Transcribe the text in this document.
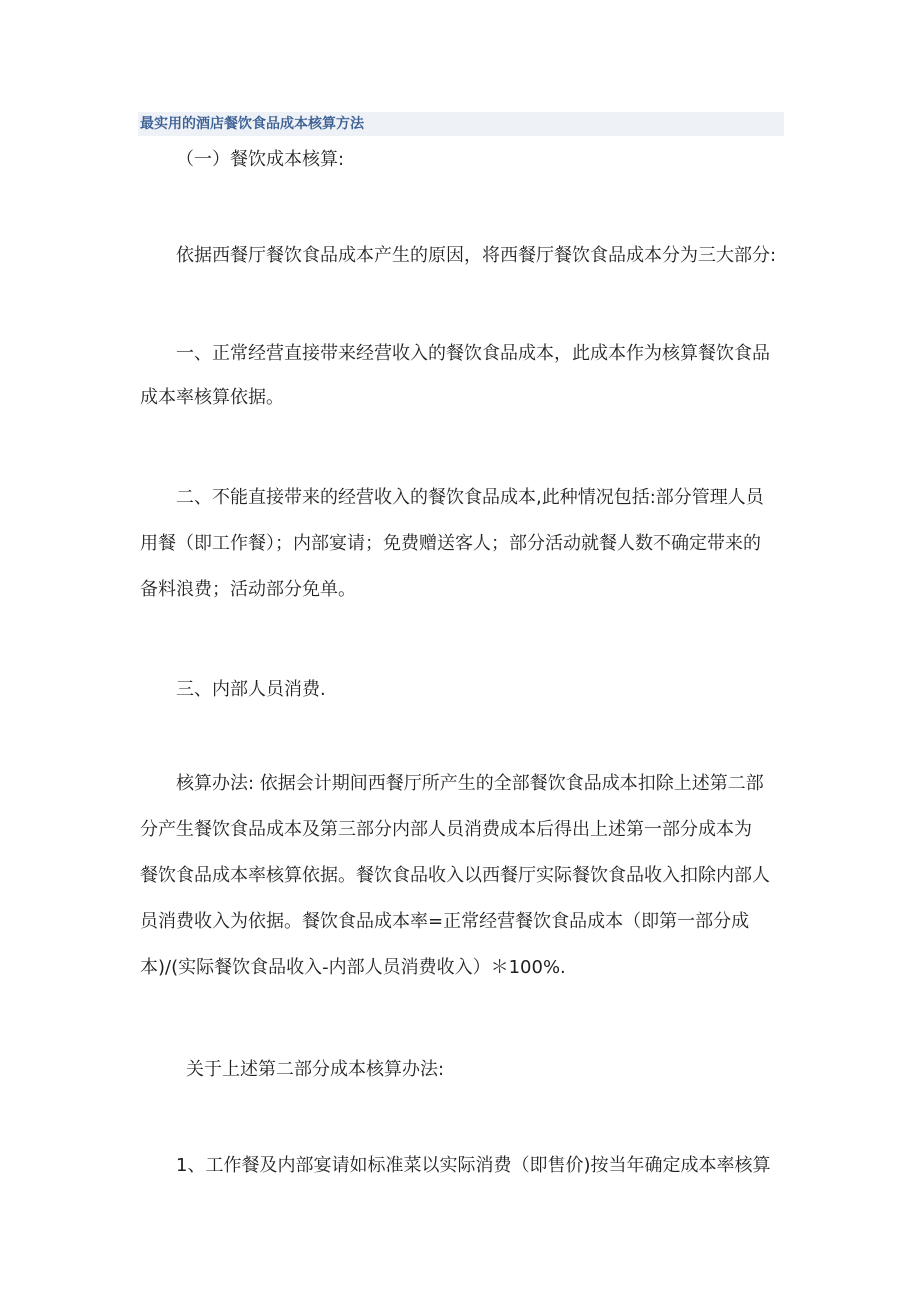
最实用的酒店餐饮食品成本核算方法
（一）餐饮成本核算:
依据西餐厅餐饮食品成本产生的原因，将西餐厅餐饮食品成本分为三大部分:
一、正常经营直接带来经营收入的餐饮食品成本，此成本作为核算餐饮食品
成本率核算依据。
二、不能直接带来的经营收入的餐饮食品成本,此种情况包括:部分管理人员
用餐（即工作餐）；内部宴请；免费赠送客人；部分活动就餐人数不确定带来的
备料浪费；活动部分免单。
三、内部人员消费.
核算办法: 依据会计期间西餐厅所产生的全部餐饮食品成本扣除上述第二部
分产生餐饮食品成本及第三部分内部人员消费成本后得出上述第一部分成本为
餐饮食品成本率核算依据。餐饮食品收入以西餐厅实际餐饮食品收入扣除内部人
员消费收入为依据。餐饮食品成本率=正常经营餐饮食品成本（即第一部分成
本)/(实际餐饮食品收入-内部人员消费收入）＊100%.
关于上述第二部分成本核算办法:
1、工作餐及内部宴请如标准菜以实际消费（即售价)按当年确定成本率核算
